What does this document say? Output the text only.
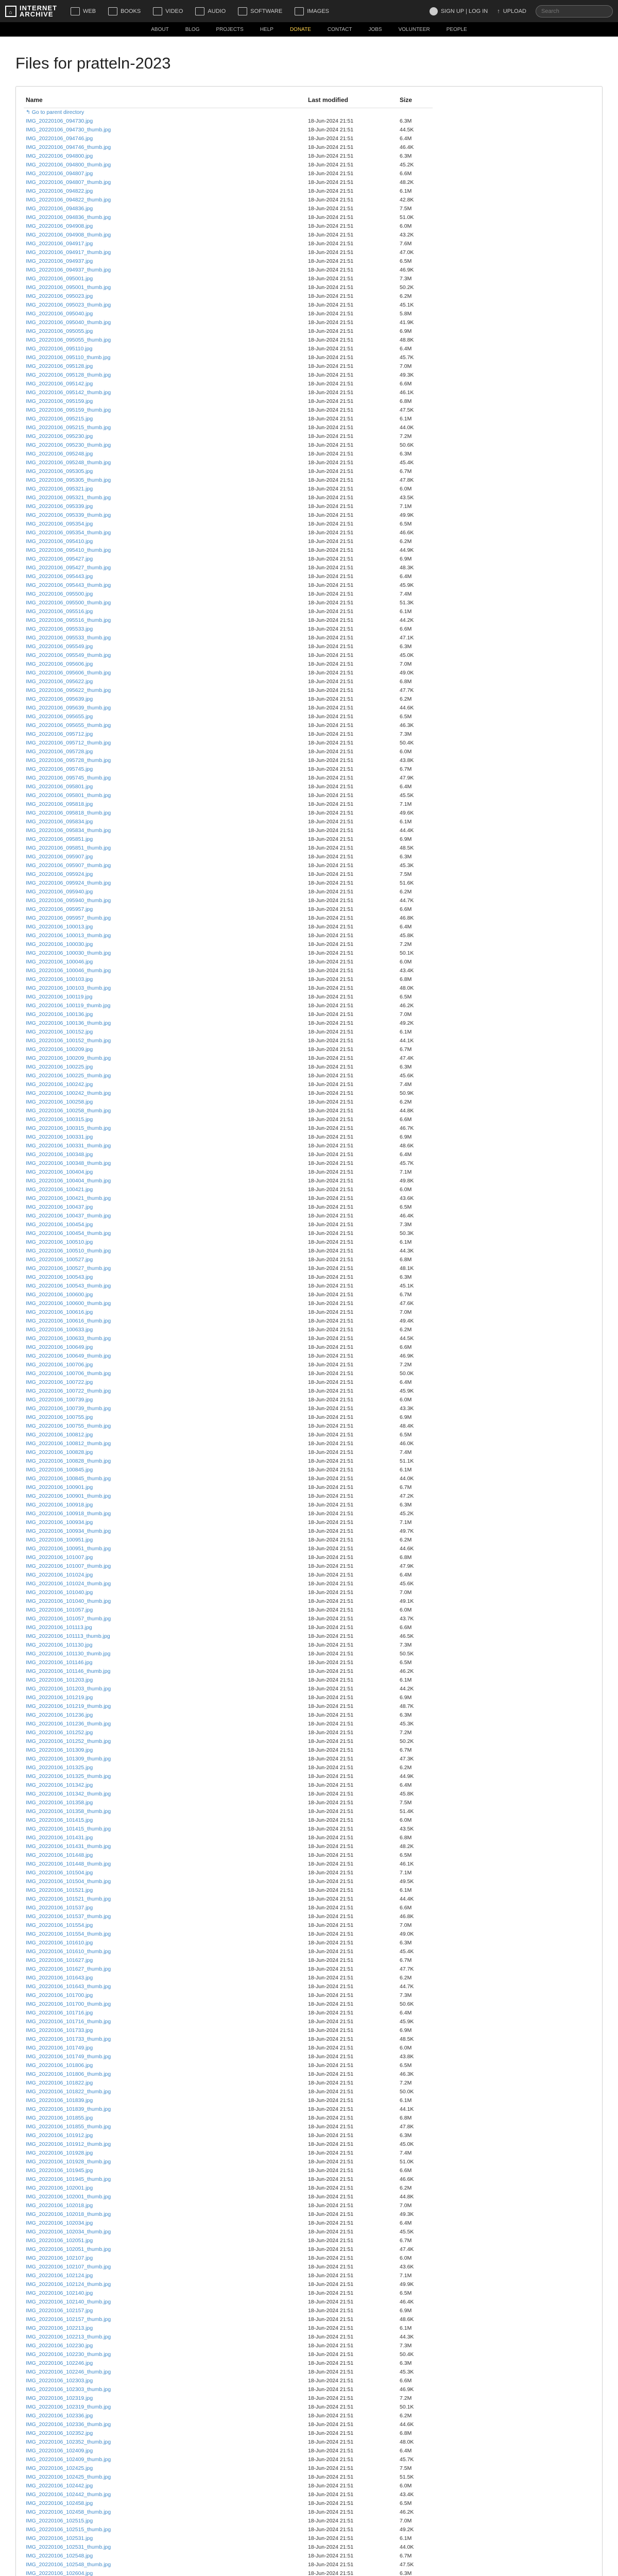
⌂
INTERNET
ARCHIVE	WEB	BOOKS	VIDEO	AUDIO	SOFTWARE	IMAGES	SIGN UP | LOG IN ↑ UPLOAD
Search
ABOUT	BLOG	PROJECTS	HELP	DONATE	CONTACT	JOBS	VOLUNTEER	PEOPLE
Files for pratteln-2023
Name	Last modified	Size
↰ Go to parent directory		
IMG_20220106_094730.jpg	18-Jun-2024 21:51	6.3M
IMG_20220106_094730_thumb.jpg	18-Jun-2024 21:51	44.5K
IMG_20220106_094746.jpg	18-Jun-2024 21:51	6.4M
IMG_20220106_094746_thumb.jpg	18-Jun-2024 21:51	46.4K
IMG_20220106_094800.jpg	18-Jun-2024 21:51	6.3M
IMG_20220106_094800_thumb.jpg	18-Jun-2024 21:51	45.2K
IMG_20220106_094807.jpg	18-Jun-2024 21:51	6.6M
IMG_20220106_094807_thumb.jpg	18-Jun-2024 21:51	48.2K
IMG_20220106_094822.jpg	18-Jun-2024 21:51	6.1M
IMG_20220106_094822_thumb.jpg	18-Jun-2024 21:51	42.8K
IMG_20220106_094836.jpg	18-Jun-2024 21:51	7.5M
IMG_20220106_094836_thumb.jpg	18-Jun-2024 21:51	51.0K
IMG_20220106_094908.jpg	18-Jun-2024 21:51	6.0M
IMG_20220106_094908_thumb.jpg	18-Jun-2024 21:51	43.2K
IMG_20220106_094917.jpg	18-Jun-2024 21:51	7.6M
IMG_20220106_094917_thumb.jpg	18-Jun-2024 21:51	47.0K
IMG_20220106_094937.jpg	18-Jun-2024 21:51	6.5M
IMG_20220106_094937_thumb.jpg	18-Jun-2024 21:51	46.9K
IMG_20220106_095001.jpg	18-Jun-2024 21:51	7.3M
IMG_20220106_095001_thumb.jpg	18-Jun-2024 21:51	50.2K
IMG_20220106_095023.jpg	18-Jun-2024 21:51	6.2M
IMG_20220106_095023_thumb.jpg	18-Jun-2024 21:51	45.1K
IMG_20220106_095040.jpg	18-Jun-2024 21:51	5.8M
IMG_20220106_095040_thumb.jpg	18-Jun-2024 21:51	41.9K
IMG_20220106_095055.jpg	18-Jun-2024 21:51	6.9M
IMG_20220106_095055_thumb.jpg	18-Jun-2024 21:51	48.8K
IMG_20220106_095110.jpg	18-Jun-2024 21:51	6.4M
IMG_20220106_095110_thumb.jpg	18-Jun-2024 21:51	45.7K
IMG_20220106_095128.jpg	18-Jun-2024 21:51	7.0M
IMG_20220106_095128_thumb.jpg	18-Jun-2024 21:51	49.3K
IMG_20220106_095142.jpg	18-Jun-2024 21:51	6.6M
IMG_20220106_095142_thumb.jpg	18-Jun-2024 21:51	46.1K
IMG_20220106_095159.jpg	18-Jun-2024 21:51	6.8M
IMG_20220106_095159_thumb.jpg	18-Jun-2024 21:51	47.5K
IMG_20220106_095215.jpg	18-Jun-2024 21:51	6.1M
IMG_20220106_095215_thumb.jpg	18-Jun-2024 21:51	44.0K
IMG_20220106_095230.jpg	18-Jun-2024 21:51	7.2M
IMG_20220106_095230_thumb.jpg	18-Jun-2024 21:51	50.6K
IMG_20220106_095248.jpg	18-Jun-2024 21:51	6.3M
IMG_20220106_095248_thumb.jpg	18-Jun-2024 21:51	45.4K
IMG_20220106_095305.jpg	18-Jun-2024 21:51	6.7M
IMG_20220106_095305_thumb.jpg	18-Jun-2024 21:51	47.8K
IMG_20220106_095321.jpg	18-Jun-2024 21:51	6.0M
IMG_20220106_095321_thumb.jpg	18-Jun-2024 21:51	43.5K
IMG_20220106_095339.jpg	18-Jun-2024 21:51	7.1M
IMG_20220106_095339_thumb.jpg	18-Jun-2024 21:51	49.9K
IMG_20220106_095354.jpg	18-Jun-2024 21:51	6.5M
IMG_20220106_095354_thumb.jpg	18-Jun-2024 21:51	46.6K
IMG_20220106_095410.jpg	18-Jun-2024 21:51	6.2M
IMG_20220106_095410_thumb.jpg	18-Jun-2024 21:51	44.9K
IMG_20220106_095427.jpg	18-Jun-2024 21:51	6.9M
IMG_20220106_095427_thumb.jpg	18-Jun-2024 21:51	48.3K
IMG_20220106_095443.jpg	18-Jun-2024 21:51	6.4M
IMG_20220106_095443_thumb.jpg	18-Jun-2024 21:51	45.9K
IMG_20220106_095500.jpg	18-Jun-2024 21:51	7.4M
IMG_20220106_095500_thumb.jpg	18-Jun-2024 21:51	51.3K
IMG_20220106_095516.jpg	18-Jun-2024 21:51	6.1M
IMG_20220106_095516_thumb.jpg	18-Jun-2024 21:51	44.2K
IMG_20220106_095533.jpg	18-Jun-2024 21:51	6.6M
IMG_20220106_095533_thumb.jpg	18-Jun-2024 21:51	47.1K
IMG_20220106_095549.jpg	18-Jun-2024 21:51	6.3M
IMG_20220106_095549_thumb.jpg	18-Jun-2024 21:51	45.0K
IMG_20220106_095606.jpg	18-Jun-2024 21:51	7.0M
IMG_20220106_095606_thumb.jpg	18-Jun-2024 21:51	49.0K
IMG_20220106_095622.jpg	18-Jun-2024 21:51	6.8M
IMG_20220106_095622_thumb.jpg	18-Jun-2024 21:51	47.7K
IMG_20220106_095639.jpg	18-Jun-2024 21:51	6.2M
IMG_20220106_095639_thumb.jpg	18-Jun-2024 21:51	44.6K
IMG_20220106_095655.jpg	18-Jun-2024 21:51	6.5M
IMG_20220106_095655_thumb.jpg	18-Jun-2024 21:51	46.3K
IMG_20220106_095712.jpg	18-Jun-2024 21:51	7.3M
IMG_20220106_095712_thumb.jpg	18-Jun-2024 21:51	50.4K
IMG_20220106_095728.jpg	18-Jun-2024 21:51	6.0M
IMG_20220106_095728_thumb.jpg	18-Jun-2024 21:51	43.8K
IMG_20220106_095745.jpg	18-Jun-2024 21:51	6.7M
IMG_20220106_095745_thumb.jpg	18-Jun-2024 21:51	47.9K
IMG_20220106_095801.jpg	18-Jun-2024 21:51	6.4M
IMG_20220106_095801_thumb.jpg	18-Jun-2024 21:51	45.5K
IMG_20220106_095818.jpg	18-Jun-2024 21:51	7.1M
IMG_20220106_095818_thumb.jpg	18-Jun-2024 21:51	49.6K
IMG_20220106_095834.jpg	18-Jun-2024 21:51	6.1M
IMG_20220106_095834_thumb.jpg	18-Jun-2024 21:51	44.4K
IMG_20220106_095851.jpg	18-Jun-2024 21:51	6.9M
IMG_20220106_095851_thumb.jpg	18-Jun-2024 21:51	48.5K
IMG_20220106_095907.jpg	18-Jun-2024 21:51	6.3M
IMG_20220106_095907_thumb.jpg	18-Jun-2024 21:51	45.3K
IMG_20220106_095924.jpg	18-Jun-2024 21:51	7.5M
IMG_20220106_095924_thumb.jpg	18-Jun-2024 21:51	51.6K
IMG_20220106_095940.jpg	18-Jun-2024 21:51	6.2M
IMG_20220106_095940_thumb.jpg	18-Jun-2024 21:51	44.7K
IMG_20220106_095957.jpg	18-Jun-2024 21:51	6.6M
IMG_20220106_095957_thumb.jpg	18-Jun-2024 21:51	46.8K
IMG_20220106_100013.jpg	18-Jun-2024 21:51	6.4M
IMG_20220106_100013_thumb.jpg	18-Jun-2024 21:51	45.8K
IMG_20220106_100030.jpg	18-Jun-2024 21:51	7.2M
IMG_20220106_100030_thumb.jpg	18-Jun-2024 21:51	50.1K
IMG_20220106_100046.jpg	18-Jun-2024 21:51	6.0M
IMG_20220106_100046_thumb.jpg	18-Jun-2024 21:51	43.4K
IMG_20220106_100103.jpg	18-Jun-2024 21:51	6.8M
IMG_20220106_100103_thumb.jpg	18-Jun-2024 21:51	48.0K
IMG_20220106_100119.jpg	18-Jun-2024 21:51	6.5M
IMG_20220106_100119_thumb.jpg	18-Jun-2024 21:51	46.2K
IMG_20220106_100136.jpg	18-Jun-2024 21:51	7.0M
IMG_20220106_100136_thumb.jpg	18-Jun-2024 21:51	49.2K
IMG_20220106_100152.jpg	18-Jun-2024 21:51	6.1M
IMG_20220106_100152_thumb.jpg	18-Jun-2024 21:51	44.1K
IMG_20220106_100209.jpg	18-Jun-2024 21:51	6.7M
IMG_20220106_100209_thumb.jpg	18-Jun-2024 21:51	47.4K
IMG_20220106_100225.jpg	18-Jun-2024 21:51	6.3M
IMG_20220106_100225_thumb.jpg	18-Jun-2024 21:51	45.6K
IMG_20220106_100242.jpg	18-Jun-2024 21:51	7.4M
IMG_20220106_100242_thumb.jpg	18-Jun-2024 21:51	50.9K
IMG_20220106_100258.jpg	18-Jun-2024 21:51	6.2M
IMG_20220106_100258_thumb.jpg	18-Jun-2024 21:51	44.8K
IMG_20220106_100315.jpg	18-Jun-2024 21:51	6.6M
IMG_20220106_100315_thumb.jpg	18-Jun-2024 21:51	46.7K
IMG_20220106_100331.jpg	18-Jun-2024 21:51	6.9M
IMG_20220106_100331_thumb.jpg	18-Jun-2024 21:51	48.6K
IMG_20220106_100348.jpg	18-Jun-2024 21:51	6.4M
IMG_20220106_100348_thumb.jpg	18-Jun-2024 21:51	45.7K
IMG_20220106_100404.jpg	18-Jun-2024 21:51	7.1M
IMG_20220106_100404_thumb.jpg	18-Jun-2024 21:51	49.8K
IMG_20220106_100421.jpg	18-Jun-2024 21:51	6.0M
IMG_20220106_100421_thumb.jpg	18-Jun-2024 21:51	43.6K
IMG_20220106_100437.jpg	18-Jun-2024 21:51	6.5M
IMG_20220106_100437_thumb.jpg	18-Jun-2024 21:51	46.4K
IMG_20220106_100454.jpg	18-Jun-2024 21:51	7.3M
IMG_20220106_100454_thumb.jpg	18-Jun-2024 21:51	50.3K
IMG_20220106_100510.jpg	18-Jun-2024 21:51	6.1M
IMG_20220106_100510_thumb.jpg	18-Jun-2024 21:51	44.3K
IMG_20220106_100527.jpg	18-Jun-2024 21:51	6.8M
IMG_20220106_100527_thumb.jpg	18-Jun-2024 21:51	48.1K
IMG_20220106_100543.jpg	18-Jun-2024 21:51	6.3M
IMG_20220106_100543_thumb.jpg	18-Jun-2024 21:51	45.1K
IMG_20220106_100600.jpg	18-Jun-2024 21:51	6.7M
IMG_20220106_100600_thumb.jpg	18-Jun-2024 21:51	47.6K
IMG_20220106_100616.jpg	18-Jun-2024 21:51	7.0M
IMG_20220106_100616_thumb.jpg	18-Jun-2024 21:51	49.4K
IMG_20220106_100633.jpg	18-Jun-2024 21:51	6.2M
IMG_20220106_100633_thumb.jpg	18-Jun-2024 21:51	44.5K
IMG_20220106_100649.jpg	18-Jun-2024 21:51	6.6M
IMG_20220106_100649_thumb.jpg	18-Jun-2024 21:51	46.9K
IMG_20220106_100706.jpg	18-Jun-2024 21:51	7.2M
IMG_20220106_100706_thumb.jpg	18-Jun-2024 21:51	50.0K
IMG_20220106_100722.jpg	18-Jun-2024 21:51	6.4M
IMG_20220106_100722_thumb.jpg	18-Jun-2024 21:51	45.9K
IMG_20220106_100739.jpg	18-Jun-2024 21:51	6.0M
IMG_20220106_100739_thumb.jpg	18-Jun-2024 21:51	43.3K
IMG_20220106_100755.jpg	18-Jun-2024 21:51	6.9M
IMG_20220106_100755_thumb.jpg	18-Jun-2024 21:51	48.4K
IMG_20220106_100812.jpg	18-Jun-2024 21:51	6.5M
IMG_20220106_100812_thumb.jpg	18-Jun-2024 21:51	46.0K
IMG_20220106_100828.jpg	18-Jun-2024 21:51	7.4M
IMG_20220106_100828_thumb.jpg	18-Jun-2024 21:51	51.1K
IMG_20220106_100845.jpg	18-Jun-2024 21:51	6.1M
IMG_20220106_100845_thumb.jpg	18-Jun-2024 21:51	44.0K
IMG_20220106_100901.jpg	18-Jun-2024 21:51	6.7M
IMG_20220106_100901_thumb.jpg	18-Jun-2024 21:51	47.2K
IMG_20220106_100918.jpg	18-Jun-2024 21:51	6.3M
IMG_20220106_100918_thumb.jpg	18-Jun-2024 21:51	45.2K
IMG_20220106_100934.jpg	18-Jun-2024 21:51	7.1M
IMG_20220106_100934_thumb.jpg	18-Jun-2024 21:51	49.7K
IMG_20220106_100951.jpg	18-Jun-2024 21:51	6.2M
IMG_20220106_100951_thumb.jpg	18-Jun-2024 21:51	44.6K
IMG_20220106_101007.jpg	18-Jun-2024 21:51	6.8M
IMG_20220106_101007_thumb.jpg	18-Jun-2024 21:51	47.9K
IMG_20220106_101024.jpg	18-Jun-2024 21:51	6.4M
IMG_20220106_101024_thumb.jpg	18-Jun-2024 21:51	45.6K
IMG_20220106_101040.jpg	18-Jun-2024 21:51	7.0M
IMG_20220106_101040_thumb.jpg	18-Jun-2024 21:51	49.1K
IMG_20220106_101057.jpg	18-Jun-2024 21:51	6.0M
IMG_20220106_101057_thumb.jpg	18-Jun-2024 21:51	43.7K
IMG_20220106_101113.jpg	18-Jun-2024 21:51	6.6M
IMG_20220106_101113_thumb.jpg	18-Jun-2024 21:51	46.5K
IMG_20220106_101130.jpg	18-Jun-2024 21:51	7.3M
IMG_20220106_101130_thumb.jpg	18-Jun-2024 21:51	50.5K
IMG_20220106_101146.jpg	18-Jun-2024 21:51	6.5M
IMG_20220106_101146_thumb.jpg	18-Jun-2024 21:51	46.2K
IMG_20220106_101203.jpg	18-Jun-2024 21:51	6.1M
IMG_20220106_101203_thumb.jpg	18-Jun-2024 21:51	44.2K
IMG_20220106_101219.jpg	18-Jun-2024 21:51	6.9M
IMG_20220106_101219_thumb.jpg	18-Jun-2024 21:51	48.7K
IMG_20220106_101236.jpg	18-Jun-2024 21:51	6.3M
IMG_20220106_101236_thumb.jpg	18-Jun-2024 21:51	45.3K
IMG_20220106_101252.jpg	18-Jun-2024 21:51	7.2M
IMG_20220106_101252_thumb.jpg	18-Jun-2024 21:51	50.2K
IMG_20220106_101309.jpg	18-Jun-2024 21:51	6.7M
IMG_20220106_101309_thumb.jpg	18-Jun-2024 21:51	47.3K
IMG_20220106_101325.jpg	18-Jun-2024 21:51	6.2M
IMG_20220106_101325_thumb.jpg	18-Jun-2024 21:51	44.9K
IMG_20220106_101342.jpg	18-Jun-2024 21:51	6.4M
IMG_20220106_101342_thumb.jpg	18-Jun-2024 21:51	45.8K
IMG_20220106_101358.jpg	18-Jun-2024 21:51	7.5M
IMG_20220106_101358_thumb.jpg	18-Jun-2024 21:51	51.4K
IMG_20220106_101415.jpg	18-Jun-2024 21:51	6.0M
IMG_20220106_101415_thumb.jpg	18-Jun-2024 21:51	43.5K
IMG_20220106_101431.jpg	18-Jun-2024 21:51	6.8M
IMG_20220106_101431_thumb.jpg	18-Jun-2024 21:51	48.2K
IMG_20220106_101448.jpg	18-Jun-2024 21:51	6.5M
IMG_20220106_101448_thumb.jpg	18-Jun-2024 21:51	46.1K
IMG_20220106_101504.jpg	18-Jun-2024 21:51	7.1M
IMG_20220106_101504_thumb.jpg	18-Jun-2024 21:51	49.5K
IMG_20220106_101521.jpg	18-Jun-2024 21:51	6.1M
IMG_20220106_101521_thumb.jpg	18-Jun-2024 21:51	44.4K
IMG_20220106_101537.jpg	18-Jun-2024 21:51	6.6M
IMG_20220106_101537_thumb.jpg	18-Jun-2024 21:51	46.8K
IMG_20220106_101554.jpg	18-Jun-2024 21:51	7.0M
IMG_20220106_101554_thumb.jpg	18-Jun-2024 21:51	49.0K
IMG_20220106_101610.jpg	18-Jun-2024 21:51	6.3M
IMG_20220106_101610_thumb.jpg	18-Jun-2024 21:51	45.4K
IMG_20220106_101627.jpg	18-Jun-2024 21:51	6.7M
IMG_20220106_101627_thumb.jpg	18-Jun-2024 21:51	47.7K
IMG_20220106_101643.jpg	18-Jun-2024 21:51	6.2M
IMG_20220106_101643_thumb.jpg	18-Jun-2024 21:51	44.7K
IMG_20220106_101700.jpg	18-Jun-2024 21:51	7.3M
IMG_20220106_101700_thumb.jpg	18-Jun-2024 21:51	50.6K
IMG_20220106_101716.jpg	18-Jun-2024 21:51	6.4M
IMG_20220106_101716_thumb.jpg	18-Jun-2024 21:51	45.9K
IMG_20220106_101733.jpg	18-Jun-2024 21:51	6.9M
IMG_20220106_101733_thumb.jpg	18-Jun-2024 21:51	48.5K
IMG_20220106_101749.jpg	18-Jun-2024 21:51	6.0M
IMG_20220106_101749_thumb.jpg	18-Jun-2024 21:51	43.8K
IMG_20220106_101806.jpg	18-Jun-2024 21:51	6.5M
IMG_20220106_101806_thumb.jpg	18-Jun-2024 21:51	46.3K
IMG_20220106_101822.jpg	18-Jun-2024 21:51	7.2M
IMG_20220106_101822_thumb.jpg	18-Jun-2024 21:51	50.0K
IMG_20220106_101839.jpg	18-Jun-2024 21:51	6.1M
IMG_20220106_101839_thumb.jpg	18-Jun-2024 21:51	44.1K
IMG_20220106_101855.jpg	18-Jun-2024 21:51	6.8M
IMG_20220106_101855_thumb.jpg	18-Jun-2024 21:51	47.8K
IMG_20220106_101912.jpg	18-Jun-2024 21:51	6.3M
IMG_20220106_101912_thumb.jpg	18-Jun-2024 21:51	45.0K
IMG_20220106_101928.jpg	18-Jun-2024 21:51	7.4M
IMG_20220106_101928_thumb.jpg	18-Jun-2024 21:51	51.0K
IMG_20220106_101945.jpg	18-Jun-2024 21:51	6.6M
IMG_20220106_101945_thumb.jpg	18-Jun-2024 21:51	46.6K
IMG_20220106_102001.jpg	18-Jun-2024 21:51	6.2M
IMG_20220106_102001_thumb.jpg	18-Jun-2024 21:51	44.8K
IMG_20220106_102018.jpg	18-Jun-2024 21:51	7.0M
IMG_20220106_102018_thumb.jpg	18-Jun-2024 21:51	49.3K
IMG_20220106_102034.jpg	18-Jun-2024 21:51	6.4M
IMG_20220106_102034_thumb.jpg	18-Jun-2024 21:51	45.5K
IMG_20220106_102051.jpg	18-Jun-2024 21:51	6.7M
IMG_20220106_102051_thumb.jpg	18-Jun-2024 21:51	47.4K
IMG_20220106_102107.jpg	18-Jun-2024 21:51	6.0M
IMG_20220106_102107_thumb.jpg	18-Jun-2024 21:51	43.6K
IMG_20220106_102124.jpg	18-Jun-2024 21:51	7.1M
IMG_20220106_102124_thumb.jpg	18-Jun-2024 21:51	49.9K
IMG_20220106_102140.jpg	18-Jun-2024 21:51	6.5M
IMG_20220106_102140_thumb.jpg	18-Jun-2024 21:51	46.4K
IMG_20220106_102157.jpg	18-Jun-2024 21:51	6.9M
IMG_20220106_102157_thumb.jpg	18-Jun-2024 21:51	48.6K
IMG_20220106_102213.jpg	18-Jun-2024 21:51	6.1M
IMG_20220106_102213_thumb.jpg	18-Jun-2024 21:51	44.3K
IMG_20220106_102230.jpg	18-Jun-2024 21:51	7.3M
IMG_20220106_102230_thumb.jpg	18-Jun-2024 21:51	50.4K
IMG_20220106_102246.jpg	18-Jun-2024 21:51	6.3M
IMG_20220106_102246_thumb.jpg	18-Jun-2024 21:51	45.3K
IMG_20220106_102303.jpg	18-Jun-2024 21:51	6.6M
IMG_20220106_102303_thumb.jpg	18-Jun-2024 21:51	46.9K
IMG_20220106_102319.jpg	18-Jun-2024 21:51	7.2M
IMG_20220106_102319_thumb.jpg	18-Jun-2024 21:51	50.1K
IMG_20220106_102336.jpg	18-Jun-2024 21:51	6.2M
IMG_20220106_102336_thumb.jpg	18-Jun-2024 21:51	44.6K
IMG_20220106_102352.jpg	18-Jun-2024 21:51	6.8M
IMG_20220106_102352_thumb.jpg	18-Jun-2024 21:51	48.0K
IMG_20220106_102409.jpg	18-Jun-2024 21:51	6.4M
IMG_20220106_102409_thumb.jpg	18-Jun-2024 21:51	45.7K
IMG_20220106_102425.jpg	18-Jun-2024 21:51	7.5M
IMG_20220106_102425_thumb.jpg	18-Jun-2024 21:51	51.5K
IMG_20220106_102442.jpg	18-Jun-2024 21:51	6.0M
IMG_20220106_102442_thumb.jpg	18-Jun-2024 21:51	43.4K
IMG_20220106_102458.jpg	18-Jun-2024 21:51	6.5M
IMG_20220106_102458_thumb.jpg	18-Jun-2024 21:51	46.2K
IMG_20220106_102515.jpg	18-Jun-2024 21:51	7.0M
IMG_20220106_102515_thumb.jpg	18-Jun-2024 21:51	49.2K
IMG_20220106_102531.jpg	18-Jun-2024 21:51	6.1M
IMG_20220106_102531_thumb.jpg	18-Jun-2024 21:51	44.0K
IMG_20220106_102548.jpg	18-Jun-2024 21:51	6.7M
IMG_20220106_102548_thumb.jpg	18-Jun-2024 21:51	47.5K
IMG_20220106_102604.jpg	18-Jun-2024 21:51	6.3M
